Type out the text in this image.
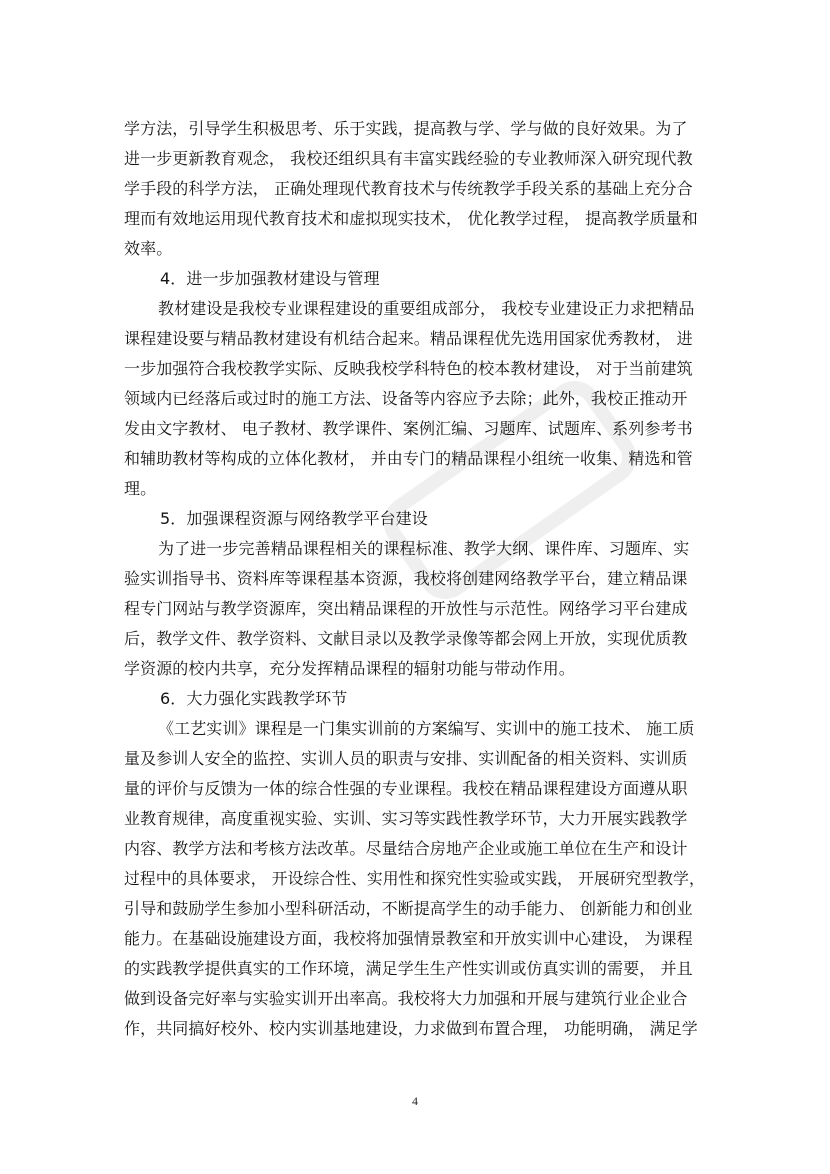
学方法，引导学生积极思考、乐于实践，提高教与学、学与做的良好效果。为了
进一步更新教育观念， 我校还组织具有丰富实践经验的专业教师深入研究现代教
学手段的科学方法， 正确处理现代教育技术与传统教学手段关系的基础上充分合
理而有效地运用现代教育技术和虚拟现实技术， 优化教学过程， 提高教学质量和
效率。
4．进一步加强教材建设与管理
教材建设是我校专业课程建设的重要组成部分， 我校专业建设正力求把精品
课程建设要与精品教材建设有机结合起来。精品课程优先选用国家优秀教材， 进
一步加强符合我校教学实际、反映我校学科特色的校本教材建设， 对于当前建筑
领域内已经落后或过时的施工方法、设备等内容应予去除；此外，我校正推动开
发由文字教材、 电子教材、教学课件、案例汇编、习题库、试题库、系列参考书
和辅助教材等构成的立体化教材， 并由专门的精品课程小组统一收集、精选和管
理。
5．加强课程资源与网络教学平台建设
为了进一步完善精品课程相关的课程标准、教学大纲、课件库、习题库、实
验实训指导书、资料库等课程基本资源，我校将创建网络教学平台，建立精品课
程专门网站与教学资源库，突出精品课程的开放性与示范性。网络学习平台建成
后，教学文件、教学资料、文献目录以及教学录像等都会网上开放，实现优质教
学资源的校内共享，充分发挥精品课程的辐射功能与带动作用。
6．大力强化实践教学环节
《工艺实训》课程是一门集实训前的方案编写、实训中的施工技术、 施工质
量及参训人安全的监控、实训人员的职责与安排、实训配备的相关资料、实训质
量的评价与反馈为一体的综合性强的专业课程。我校在精品课程建设方面遵从职
业教育规律，高度重视实验、实训、实习等实践性教学环节，大力开展实践教学
内容、教学方法和考核方法改革。尽量结合房地产企业或施工单位在生产和设计
过程中的具体要求， 开设综合性、实用性和探究性实验或实践， 开展研究型教学，
引导和鼓励学生参加小型科研活动，不断提高学生的动手能力、 创新能力和创业
能力。在基础设施建设方面，我校将加强情景教室和开放实训中心建设， 为课程
的实践教学提供真实的工作环境，满足学生生产性实训或仿真实训的需要， 并且
做到设备完好率与实验实训开出率高。我校将大力加强和开展与建筑行业企业合
作，共同搞好校外、校内实训基地建设，力求做到布置合理， 功能明确， 满足学
4
